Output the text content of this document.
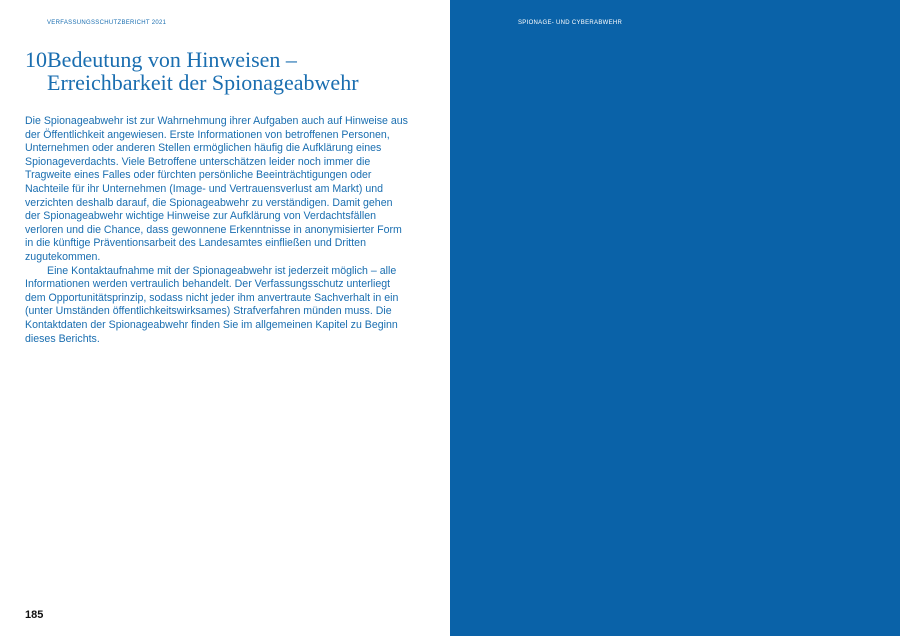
VERFASSUNGSSCHUTZBERICHT 2021
10Bedeutung von Hinweisen –
Erreichbarkeit der Spionageabwehr

Die Spionageabwehr ist zur Wahrnehmung ihrer Aufgaben auch auf Hinweise aus der Öffentlichkeit angewiesen. Erste Informationen von betroffenen Personen, Unternehmen oder anderen Stellen ermöglichen häufig die Aufklärung eines Spionageverdachts. Viele Betroffene unterschätzen leider noch immer die Tragweite eines Falles oder fürchten persönliche Beeinträchtigungen oder Nachteile für ihr Unternehmen (Image- und Vertrauensverlust am Markt) und verzichten deshalb darauf, die Spionageabwehr zu verständigen. Damit gehen der Spionageabwehr wichtige Hinweise zur Aufklärung von Verdachtsfällen verloren und die Chance, dass gewonnene Erkenntnisse in anonymisierter Form in die künftige Präventionsarbeit des Landesamtes einfließen und Dritten zugutekommen.

Eine Kontaktaufnahme mit der Spionageabwehr ist jederzeit möglich – alle Informationen werden vertraulich behandelt. Der Verfassungsschutz unterliegt dem Opportunitätsprinzip, sodass nicht jeder ihm anvertraute Sachverhalt in ein (unter Umständen öffentlichkeitswirksames) Strafverfahren münden muss. Die Kontaktdaten der Spionageabwehr finden Sie im allgemeinen Kapitel zu Beginn dieses Berichts.

185
SPIONAGE- UND CYBERABWEHR
